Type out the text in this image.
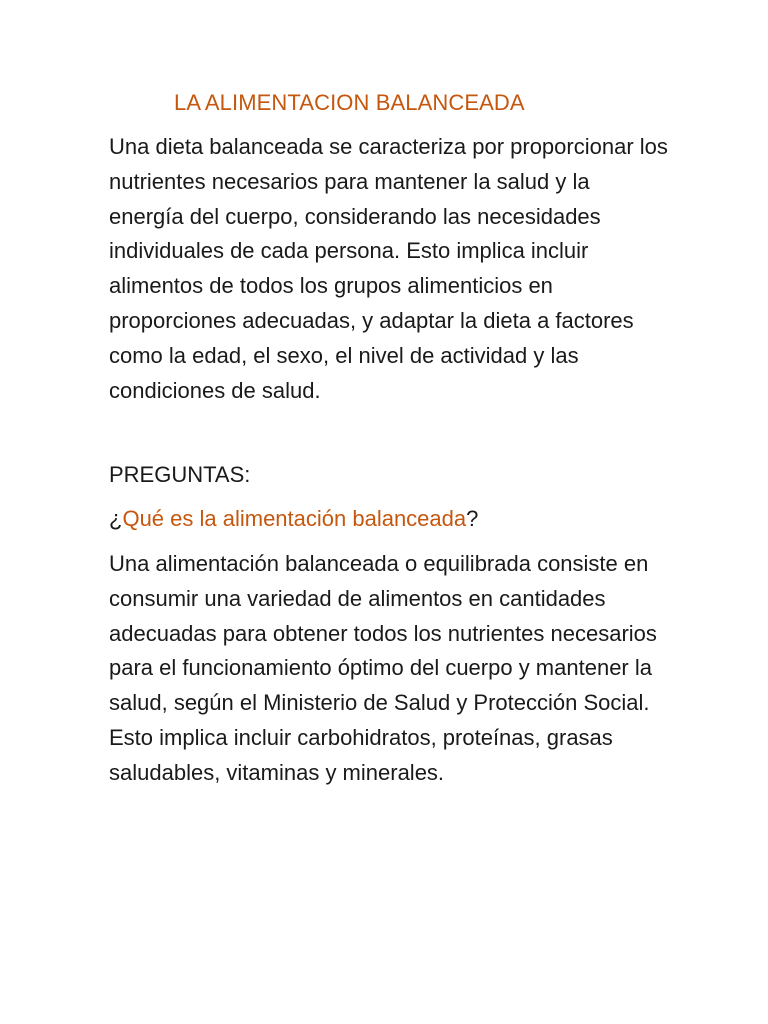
LA ALIMENTACION BALANCEADA

Una dieta balanceada se caracteriza por proporcionar los nutrientes necesarios para mantener la salud y la energía del cuerpo, considerando las necesidades individuales de cada persona. Esto implica incluir alimentos de todos los grupos alimenticios en proporciones adecuadas, y adaptar la dieta a factores como la edad, el sexo, el nivel de actividad y las condiciones de salud.

PREGUNTAS:
¿Qué es la alimentación balanceada?

Una alimentación balanceada o equilibrada consiste en consumir una variedad de alimentos en cantidades adecuadas para obtener todos los nutrientes necesarios para el funcionamiento óptimo del cuerpo y mantener la salud, según el Ministerio de Salud y Protección Social. Esto implica incluir carbohidratos, proteínas, grasas saludables, vitaminas y minerales.
